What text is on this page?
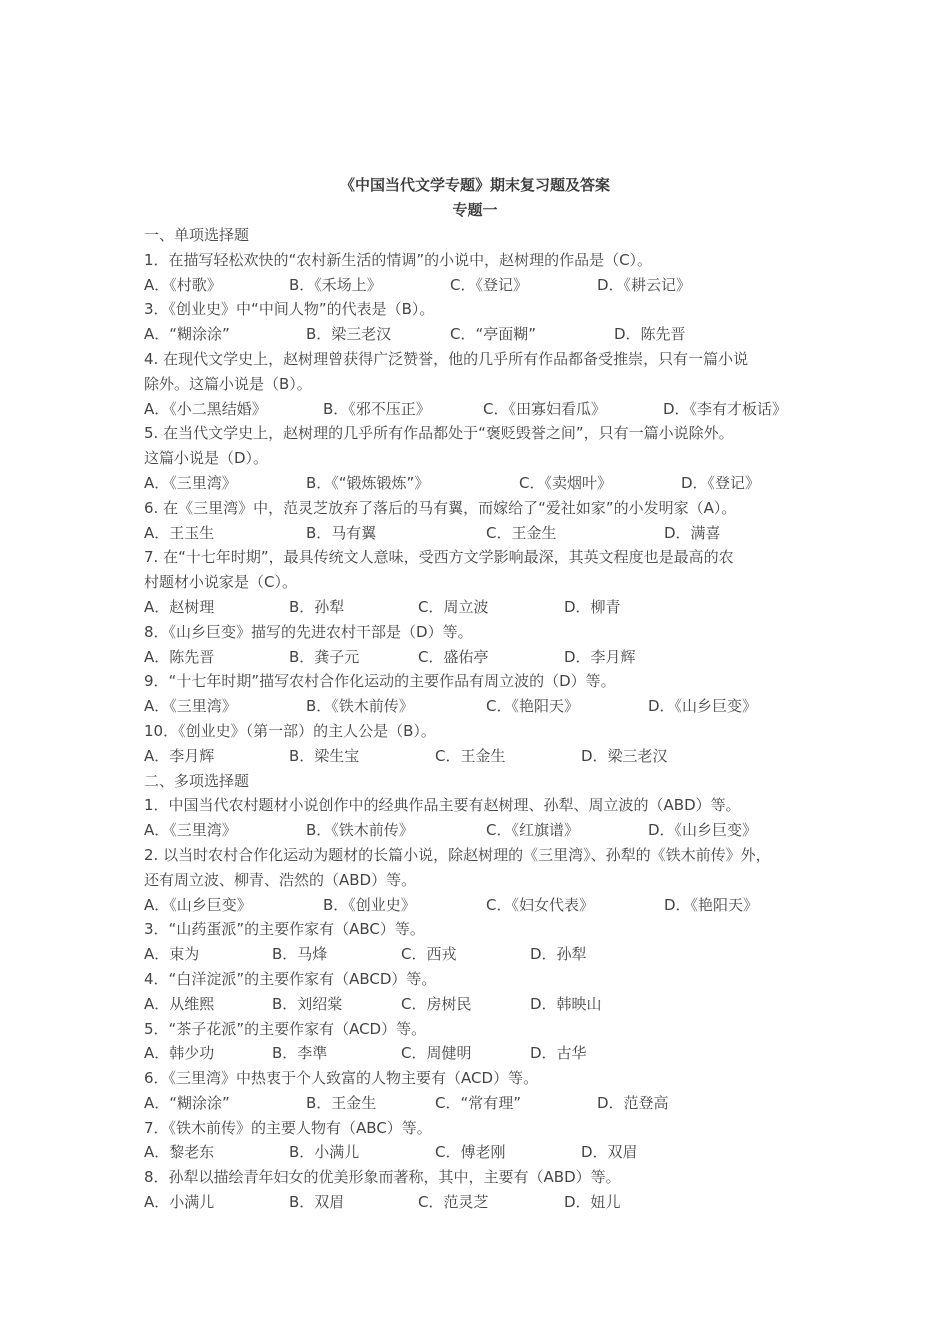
《中国当代文学专题》期末复习题及答案
专题一
一、单项选择题
1．在描写轻松欢快的“农村新生活的情调”的小说中，赵树理的作品是（C）。
A．《村歌》	B．《禾场上》	C．《登记》	D．《耕云记》
3．《创业史》中“中间人物”的代表是（B）。
A．“糊涂涂”	B．梁三老汉	C．“亭面糊”	D．陈先晋
4. 在现代文学史上，赵树理曾获得广泛赞誉，他的几乎所有作品都备受推崇，只有一篇小说
除外。这篇小说是（B）。
A．《小二黑结婚》	B．《邪不压正》	C．《田寡妇看瓜》	D．《李有才板话》
5. 在当代文学史上，赵树理的几乎所有作品都处于“褒贬毁誉之间”，只有一篇小说除外。
这篇小说是（D）。
A．《三里湾》	B．《“锻炼锻炼”》	C．《卖烟叶》	D．《登记》
6. 在《三里湾》中，范灵芝放弃了落后的马有翼，而嫁给了“爱社如家”的小发明家（A）。
A．王玉生	B．马有翼	C．王金生	D．满喜
7. 在“十七年时期”，最具传统文人意味，受西方文学影响最深，其英文程度也是最高的农
村题材小说家是（C）。
A．赵树理	B．孙犁	C．周立波	D．柳青
8．《山乡巨变》描写的先进农村干部是（D）等。
A．陈先晋	B．龚子元	C．盛佑亭	D．李月辉
9．“十七年时期”描写农村合作化运动的主要作品有周立波的（D）等。
A．《三里湾》	B．《铁木前传》	C．《艳阳天》	D．《山乡巨变》
10．《创业史》（第一部）的主人公是（B）。
A．李月辉	B．梁生宝	C．王金生	D．梁三老汉
二、多项选择题
1．中国当代农村题材小说创作中的经典作品主要有赵树理、孙犁、周立波的（ABD）等。
A．《三里湾》	B．《铁木前传》	C．《红旗谱》	D．《山乡巨变》
2. 以当时农村合作化运动为题材的长篇小说，除赵树理的《三里湾》、孙犁的《铁木前传》外，
还有周立波、柳青、浩然的（ABD）等。
A．《山乡巨变》	B．《创业史》	C．《妇女代表》	D．《艳阳天》
3．“山药蛋派”的主要作家有（ABC）等。
A．束为	B．马烽	C．西戎	D．孙犁
4．“白洋淀派”的主要作家有（ABCD）等。
A．从维熙	B．刘绍棠	C．房树民	D．韩映山
5．“茶子花派”的主要作家有（ACD）等。
A．韩少功	B．李準	C．周健明	D．古华
6．《三里湾》中热衷于个人致富的人物主要有（ACD）等。
A．“糊涂涂”	B．王金生	C．“常有理”	D．范登高
7．《铁木前传》的主要人物有（ABC）等。
A．黎老东	B．小满儿	C．傅老刚	D．双眉
8．孙犁以描绘青年妇女的优美形象而著称，其中，主要有（ABD）等。
A．小满儿	B．双眉	C．范灵芝	D．妞儿
